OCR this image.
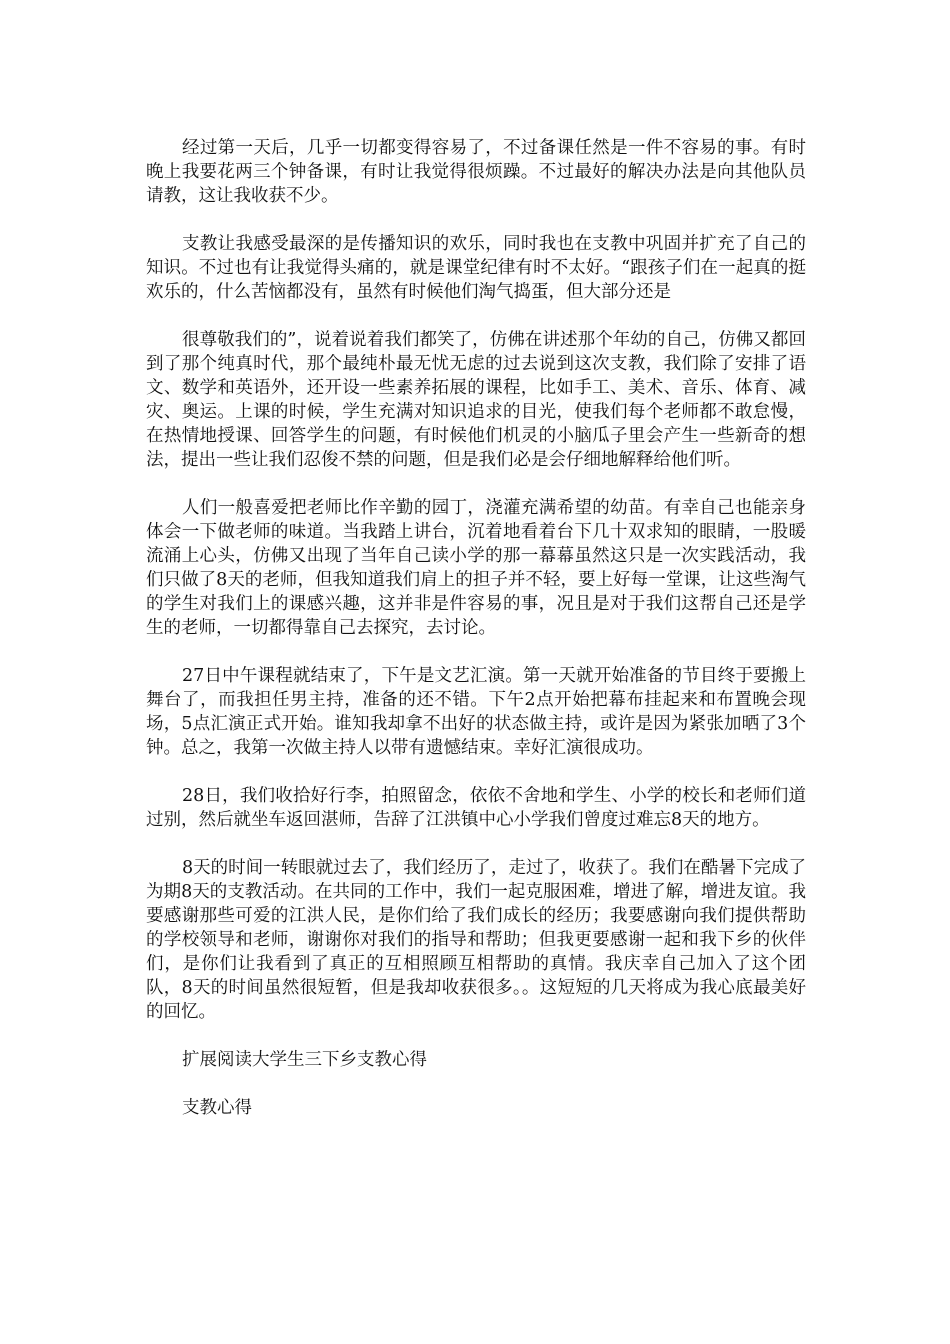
经过第一天后，几乎一切都变得容易了，不过备课任然是一件不容易的事。有时晚上我要花两三个钟备课，有时让我觉得很烦躁。不过最好的解决办法是向其他队员请教，这让我收获不少。

支教让我感受最深的是传播知识的欢乐，同时我也在支教中巩固并扩充了自己的知识。不过也有让我觉得头痛的，就是课堂纪律有时不太好。“跟孩子们在一起真的挺欢乐的，什么苦恼都没有，虽然有时候他们淘气捣蛋，但大部分还是

很尊敬我们的”，说着说着我们都笑了，仿佛在讲述那个年幼的自己，仿佛又都回到了那个纯真时代，那个最纯朴最无忧无虑的过去说到这次支教，我们除了安排了语文、数学和英语外，还开设一些素养拓展的课程，比如手工、美术、音乐、体育、减灾、奥运。上课的时候，学生充满对知识追求的目光，使我们每个老师都不敢怠慢，在热情地授课、回答学生的问题，有时候他们机灵的小脑瓜子里会产生一些新奇的想法，提出一些让我们忍俊不禁的问题，但是我们必是会仔细地解释给他们听。

人们一般喜爱把老师比作辛勤的园丁，浇灌充满希望的幼苗。有幸自己也能亲身体会一下做老师的味道。当我踏上讲台，沉着地看着台下几十双求知的眼睛，一股暖流涌上心头，仿佛又出现了当年自己读小学的那一幕幕虽然这只是一次实践活动，我们只做了8天的老师，但我知道我们肩上的担子并不轻，要上好每一堂课，让这些淘气的学生对我们上的课感兴趣，这并非是件容易的事，况且是对于我们这帮自己还是学生的老师，一切都得靠自己去探究，去讨论。

27日中午课程就结束了，下午是文艺汇演。第一天就开始准备的节目终于要搬上舞台了，而我担任男主持，准备的还不错。下午2点开始把幕布挂起来和布置晚会现场，5点汇演正式开始。谁知我却拿不出好的状态做主持，或许是因为紧张加晒了3个钟。总之，我第一次做主持人以带有遗憾结束。幸好汇演很成功。

28日，我们收拾好行李，拍照留念，依依不舍地和学生、小学的校长和老师们道过别，然后就坐车返回湛师，告辞了江洪镇中心小学我们曾度过难忘8天的地方。

8天的时间一转眼就过去了，我们经历了，走过了，收获了。我们在酷暑下完成了为期8天的支教活动。在共同的工作中，我们一起克服困难，增进了解，增进友谊。我要感谢那些可爱的江洪人民，是你们给了我们成长的经历；我要感谢向我们提供帮助的学校领导和老师，谢谢你对我们的指导和帮助；但我更要感谢一起和我下乡的伙伴们，是你们让我看到了真正的互相照顾互相帮助的真情。我庆幸自己加入了这个团队，8天的时间虽然很短暂，但是我却收获很多。。这短短的几天将成为我心底最美好的回忆。

扩展阅读大学生三下乡支教心得

支教心得
